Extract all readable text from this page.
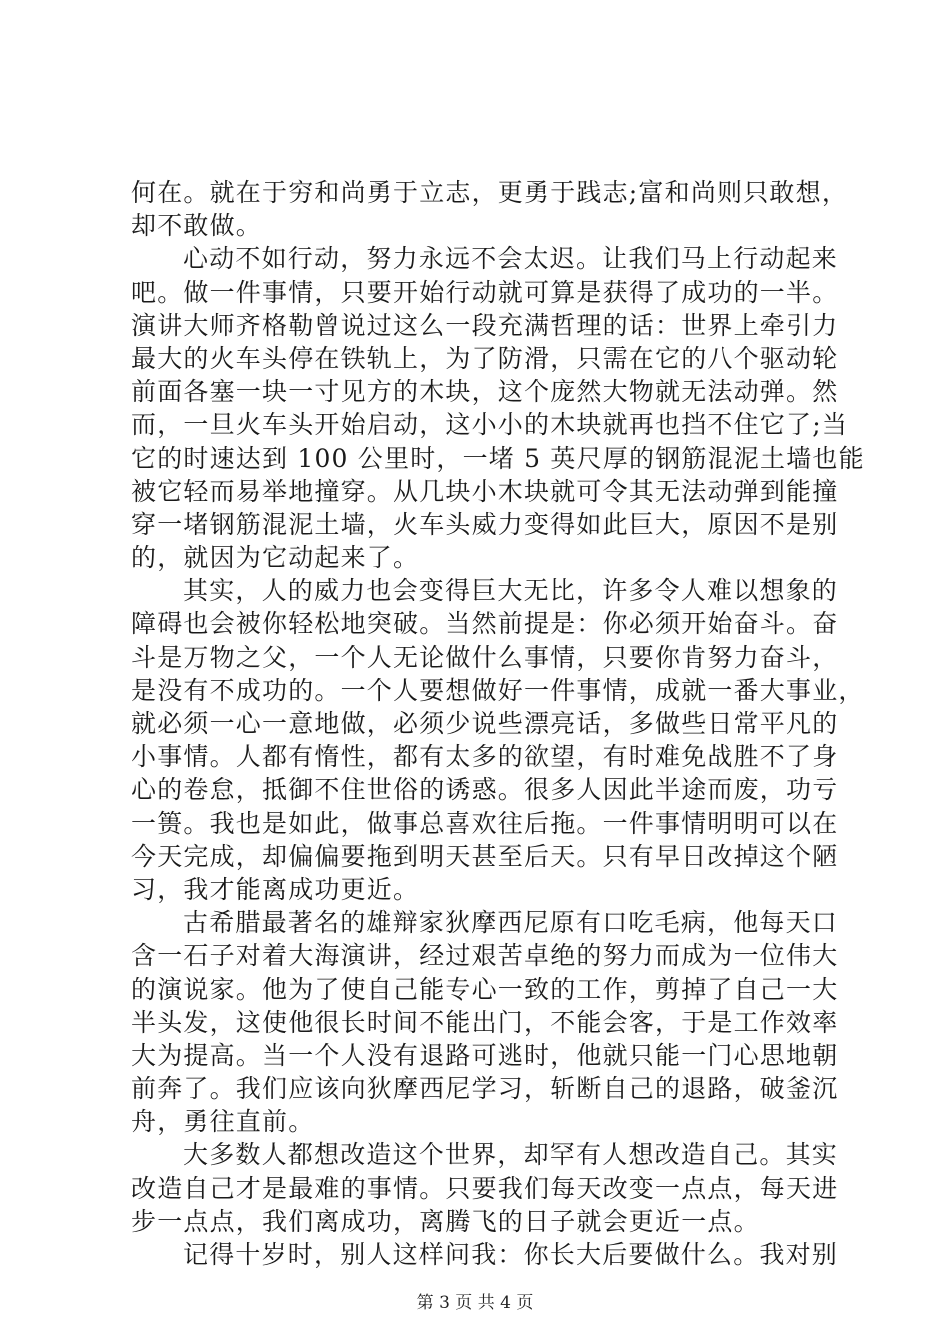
何在。就在于穷和尚勇于立志，更勇于践志;富和尚则只敢想，
却不敢做。
心动不如行动，努力永远不会太迟。让我们马上行动起来
吧。做一件事情，只要开始行动就可算是获得了成功的一半。
演讲大师齐格勒曾说过这么一段充满哲理的话：世界上牵引力
最大的火车头停在铁轨上，为了防滑，只需在它的八个驱动轮
前面各塞一块一寸见方的木块，这个庞然大物就无法动弹。然
而，一旦火车头开始启动，这小小的木块就再也挡不住它了;当
它的时速达到 100 公里时，一堵 5 英尺厚的钢筋混泥土墙也能
被它轻而易举地撞穿。从几块小木块就可令其无法动弹到能撞
穿一堵钢筋混泥土墙，火车头威力变得如此巨大，原因不是别
的，就因为它动起来了。
其实，人的威力也会变得巨大无比，许多令人难以想象的
障碍也会被你轻松地突破。当然前提是：你必须开始奋斗。奋
斗是万物之父，一个人无论做什么事情，只要你肯努力奋斗，
是没有不成功的。一个人要想做好一件事情，成就一番大事业，
就必须一心一意地做，必须少说些漂亮话，多做些日常平凡的
小事情。人都有惰性，都有太多的欲望，有时难免战胜不了身
心的卷怠，抵御不住世俗的诱惑。很多人因此半途而废，功亏
一篑。我也是如此，做事总喜欢往后拖。一件事情明明可以在
今天完成，却偏偏要拖到明天甚至后天。只有早日改掉这个陋
习，我才能离成功更近。
古希腊最著名的雄辩家狄摩西尼原有口吃毛病，他每天口
含一石子对着大海演讲，经过艰苦卓绝的努力而成为一位伟大
的演说家。他为了使自己能专心一致的工作，剪掉了自己一大
半头发，这使他很长时间不能出门，不能会客，于是工作效率
大为提高。当一个人没有退路可逃时，他就只能一门心思地朝
前奔了。我们应该向狄摩西尼学习，斩断自己的退路，破釜沉
舟，勇往直前。
大多数人都想改造这个世界，却罕有人想改造自己。其实
改造自己才是最难的事情。只要我们每天改变一点点，每天进
步一点点，我们离成功，离腾飞的日子就会更近一点。
记得十岁时，别人这样问我：你长大后要做什么。我对别
第 3 页 共 4 页
